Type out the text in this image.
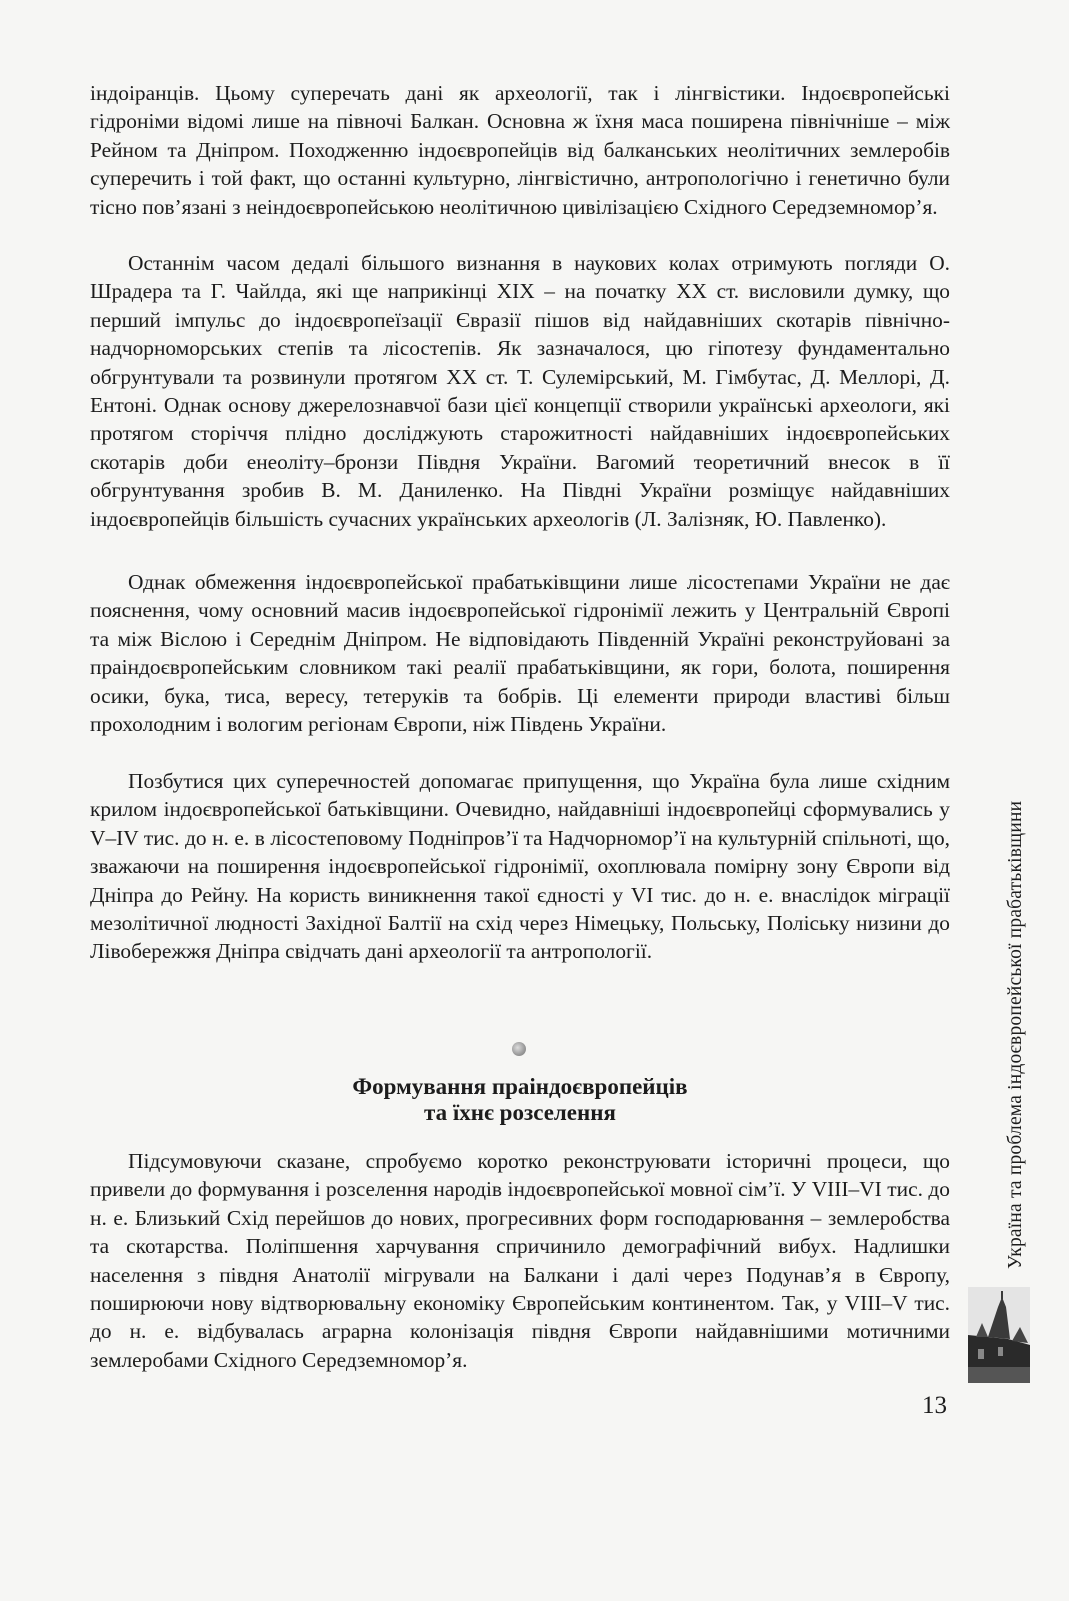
індоіранців. Цьому суперечать дані як археології, так і лінгвістики. Індоєвропейські гідроніми відомі лише на півночі Балкан. Основна ж їхня маса поширена північніше – між Рейном та Дніпром. Походженню індоєвропейців від балканських неолітичних землеробів суперечить і той факт, що останні культурно, лінгвістично, антропологічно і генетично були тісно пов’язані з неіндоєвропейською неолітичною цивілізацією Східного Середземномор’я.

Останнім часом дедалі більшого визнання в наукових колах отримують погляди О. Шрадера та Г. Чайлда, які ще наприкінці XIX – на початку XX ст. висловили думку, що перший імпульс до індоєвропеїзації Євразії пішов від найдавніших скотарів північно-надчорноморських степів та лісостепів. Як зазначалося, цю гіпотезу фундаментально обгрунтували та розвинули протягом XX ст. Т. Сулемірський, М. Гімбутас, Д. Меллорі, Д. Ентоні. Однак основу джерелознавчої бази цієї концепції створили українські археологи, які протягом сторіччя плідно досліджують старожитності найдавніших індоєвропейських скотарів доби енеоліту–бронзи Півдня України. Вагомий теоретичний внесок в її обгрунтування зробив В. М. Даниленко. На Півдні України розміщує найдавніших індоєвропейців більшість сучасних українських археологів (Л. Залізняк, Ю. Павленко).

Однак обмеження індоєвропейської прабатьківщини лише лісостепами України не дає пояснення, чому основний масив індоєвропейської гідронімії лежить у Центральній Європі та між Віслою і Середнім Дніпром. Не відповідають Південній Україні реконструйовані за праіндоєвропейським словником такі реалії прабатьківщини, як гори, болота, поширення осики, бука, тиса, вересу, тетеруків та бобрів. Ці елементи природи властиві більш прохолодним і вологим регіонам Європи, ніж Південь України.

Позбутися цих суперечностей допомагає припущення, що Україна була лише східним крилом індоєвропейської батьківщини. Очевидно, найдавніші індоєвропейці сформувались у V–IV тис. до н. е. в лісостеповому Подніпров’ї та Надчорномор’ї на культурній спільноті, що, зважаючи на поширення індоєвропейської гідронімії, охоплювала помірну зону Європи від Дніпра до Рейну. На користь виникнення такої єдності у VI тис. до н. е. внаслідок міграції мезолітичної людності Західної Балтії на схід через Німецьку, Польську, Поліську низини до Лівобережжя Дніпра свідчать дані археології та антропології.

Формування праіндоєвропейців
та їхнє розселення

Підсумовуючи сказане, спробуємо коротко реконструювати історичні процеси, що привели до формування і розселення народів індоєвропейської мовної сім’ї. У VIII–VI тис. до н. е. Близький Схід перейшов до нових, прогресивних форм господарювання – землеробства та скотарства. Поліпшення харчування спричинило демографічний вибух. Надлишки населення з півдня Анатолії мігрували на Балкани і далі через Подунав’я в Європу, поширюючи нову відтворювальну економіку Європейським континентом. Так, у VIII–V тис. до н. е. відбувалась аграрна колонізація півдня Європи найдавнішими мотичними землеробами Східного Середземномор’я.

Україна та проблема індоєвропейської прабатьківщини
13
